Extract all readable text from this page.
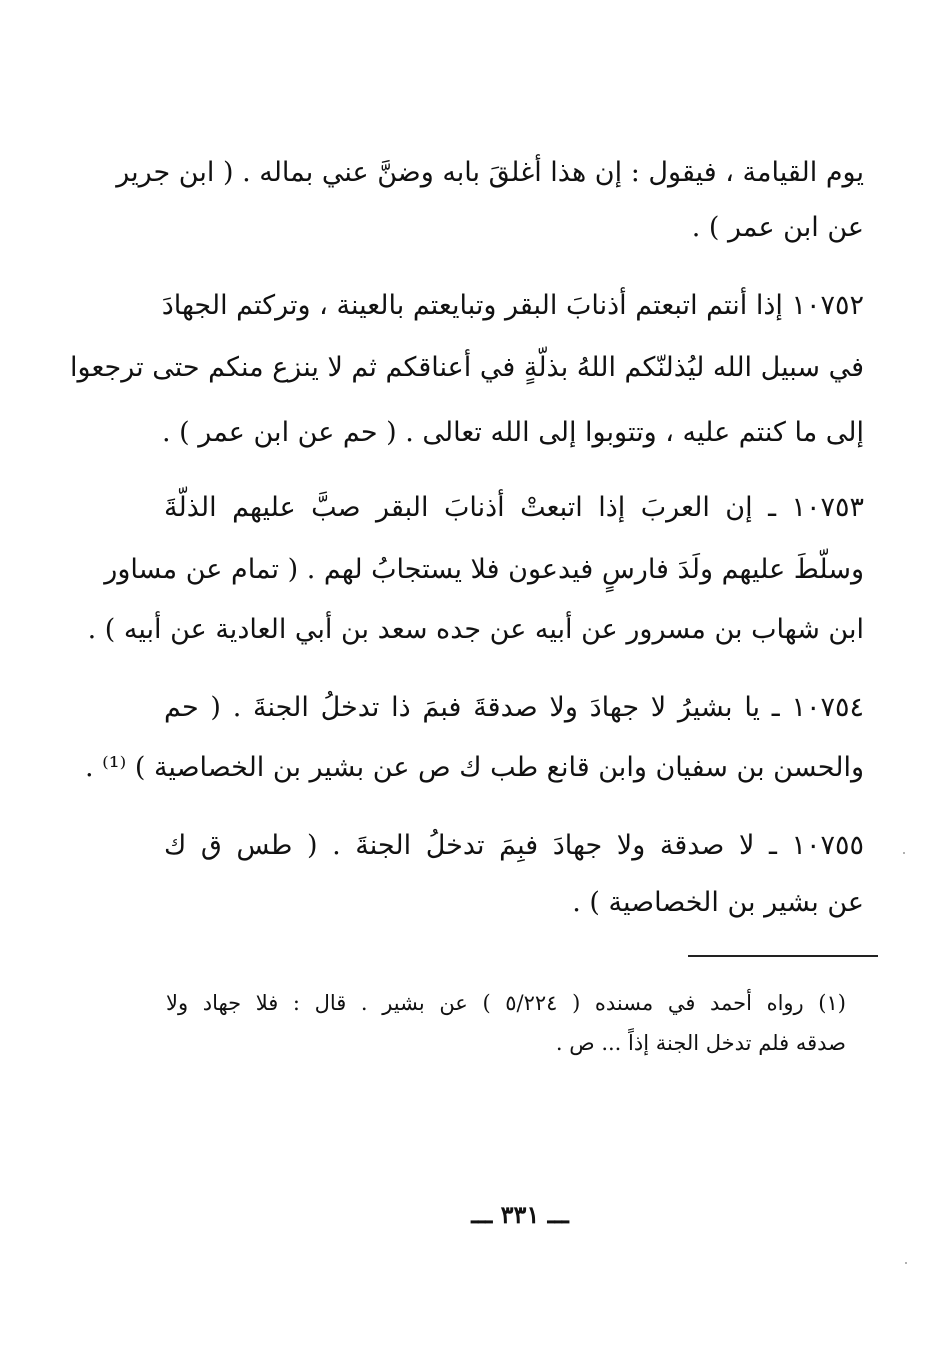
يوم القيامة ، فيقول : إن هذا أغلقَ بابه وضنَّ عني بماله . ( ابن جرير
عن ابن عمر ) .
١٠٧٥٢ إذا أنتم اتبعتم أذنابَ البقر وتبايعتم بالعينة ، وتركتم الجهادَ
في سبيل الله ليُذلنّكم اللهُ بذلّةٍ في أعناقكم ثم لا ينزع منكم حتى ترجعوا
إلى ما كنتم عليه ، وتتوبوا إلى الله تعالى . ( حم عن ابن عمر ) .
١٠٧٥٣ ـ إن العربَ إذا اتبعتْ أذنابَ البقر صبَّ عليهم الذلّةَ
وسلّطَ عليهم ولَدَ فارسٍ فيدعون فلا يستجابُ لهم . ( تمام عن مساور
ابن شهاب بن مسرور عن أبيه عن جده سعد بن أبي العادية عن أبيه ) .
١٠٧٥٤ ـ يا بشيرُ لا جهادَ ولا صدقةَ فبمَ ذا تدخلُ الجنةَ . ( حم
والحسن بن سفيان وابن قانع طب ك ص عن بشير بن الخصاصية ) ⁽¹⁾ .
١٠٧٥٥ ـ لا صدقة ولا جهادَ فبِمَ تدخلُ الجنةَ . ( طس ق ك
عن بشير بن الخصاصية ) .
(١) رواه أحمد في مسنده ( ٥/٢٢٤ ) عن بشير . قال : فلا جهاد ولا
صدقه فلم تدخل الجنة إذاً ... ص .
ـــ ٣٣١ ـــ
